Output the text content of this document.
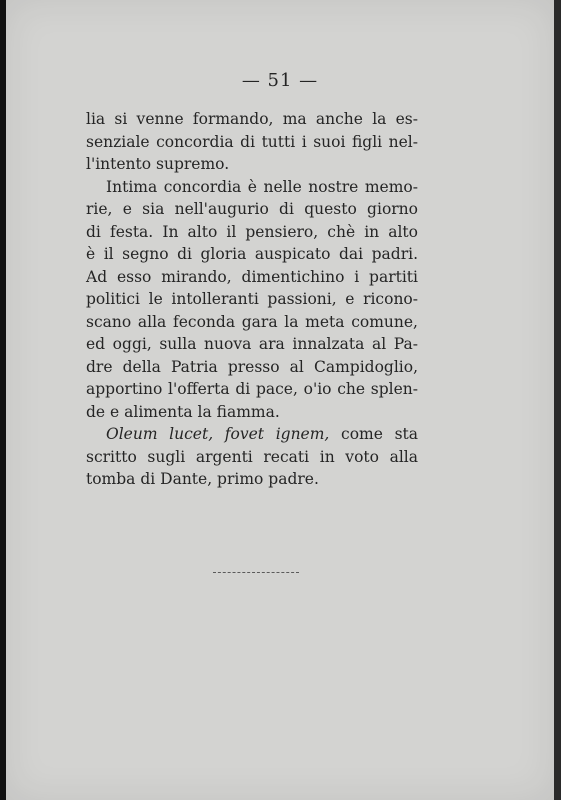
— 51 —

lia si venne formando, ma anche la es-
senziale concordia di tutti i suoi figli nel-
l'intento supremo.

Intima concordia è nelle nostre memo-
rie, e sia nell'augurio di questo giorno
di festa. In alto il pensiero, chè in alto
è il segno di gloria auspicato dai padri.
Ad esso mirando, dimentichino i partiti
politici le intolleranti passioni, e ricono-
scano alla feconda gara la meta comune,
ed oggi, sulla nuova ara innalzata al Pa-
dre della Patria presso al Campidoglio,
apportino l'offerta di pace, o'io che splen-
de e alimenta la fiamma.

Oleum lucet, fovet ignem, come sta
scritto sugli argenti recati in voto alla
tomba di Dante, primo padre.
